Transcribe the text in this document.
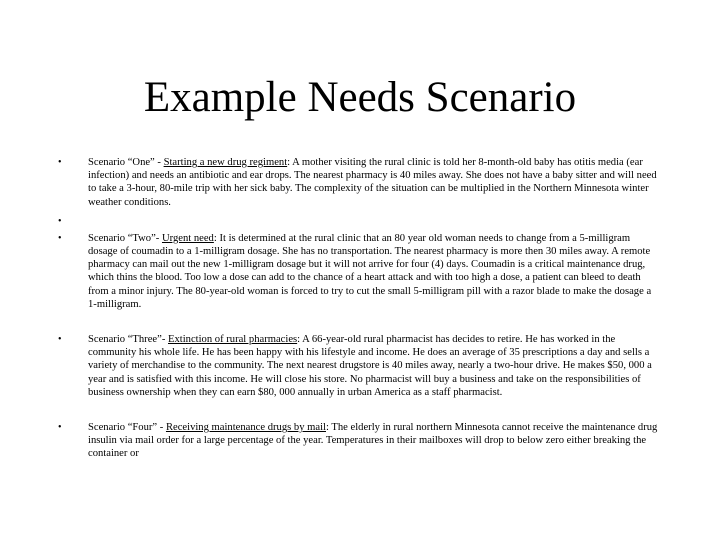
Example Needs Scenario
• Scenario “One” - Starting a new drug regiment: A mother visiting the rural clinic is told her 8-month-old baby has otitis media (ear infection) and needs an antibiotic and ear drops. The nearest pharmacy is 40 miles away. She does not have a baby sitter and will need to take a 3-hour, 80-mile trip with her sick baby. The complexity of the situation can be multiplied in the Northern Minnesota winter weather conditions.
•
• Scenario “Two”- Urgent need: It is determined at the rural clinic that an 80 year old woman needs to change from a 5-milligram dosage of coumadin to a 1-milligram dosage. She has no transportation. The nearest pharmacy is more then 30 miles away. A remote pharmacy can mail out the new 1-milligram dosage but it will not arrive for four (4) days. Coumadin is a critical maintenance drug, which thins the blood. Too low a dose can add to the chance of a heart attack and with too high a dose, a patient can bleed to death from a minor injury. The 80-year-old woman is forced to try to cut the small 5-milligram pill with a razor blade to make the dosage a 1-milligram.
• Scenario “Three”- Extinction of rural pharmacies: A 66-year-old rural pharmacist has decides to retire. He has worked in the community his whole life. He has been happy with his lifestyle and income. He does an average of 35 prescriptions a day and sells a variety of merchandise to the community. The next nearest drugstore is 40 miles away, nearly a two-hour drive. He makes $50, 000 a year and is satisfied with this income. He will close his store. No pharmacist will buy a business and take on the responsibilities of business ownership when they can earn $80, 000 annually in urban America as a staff pharmacist.
• Scenario “Four” - Receiving maintenance drugs by mail: The elderly in rural northern Minnesota cannot receive the maintenance drug insulin via mail order for a large percentage of the year. Temperatures in their mailboxes will drop to below zero either breaking the container or
